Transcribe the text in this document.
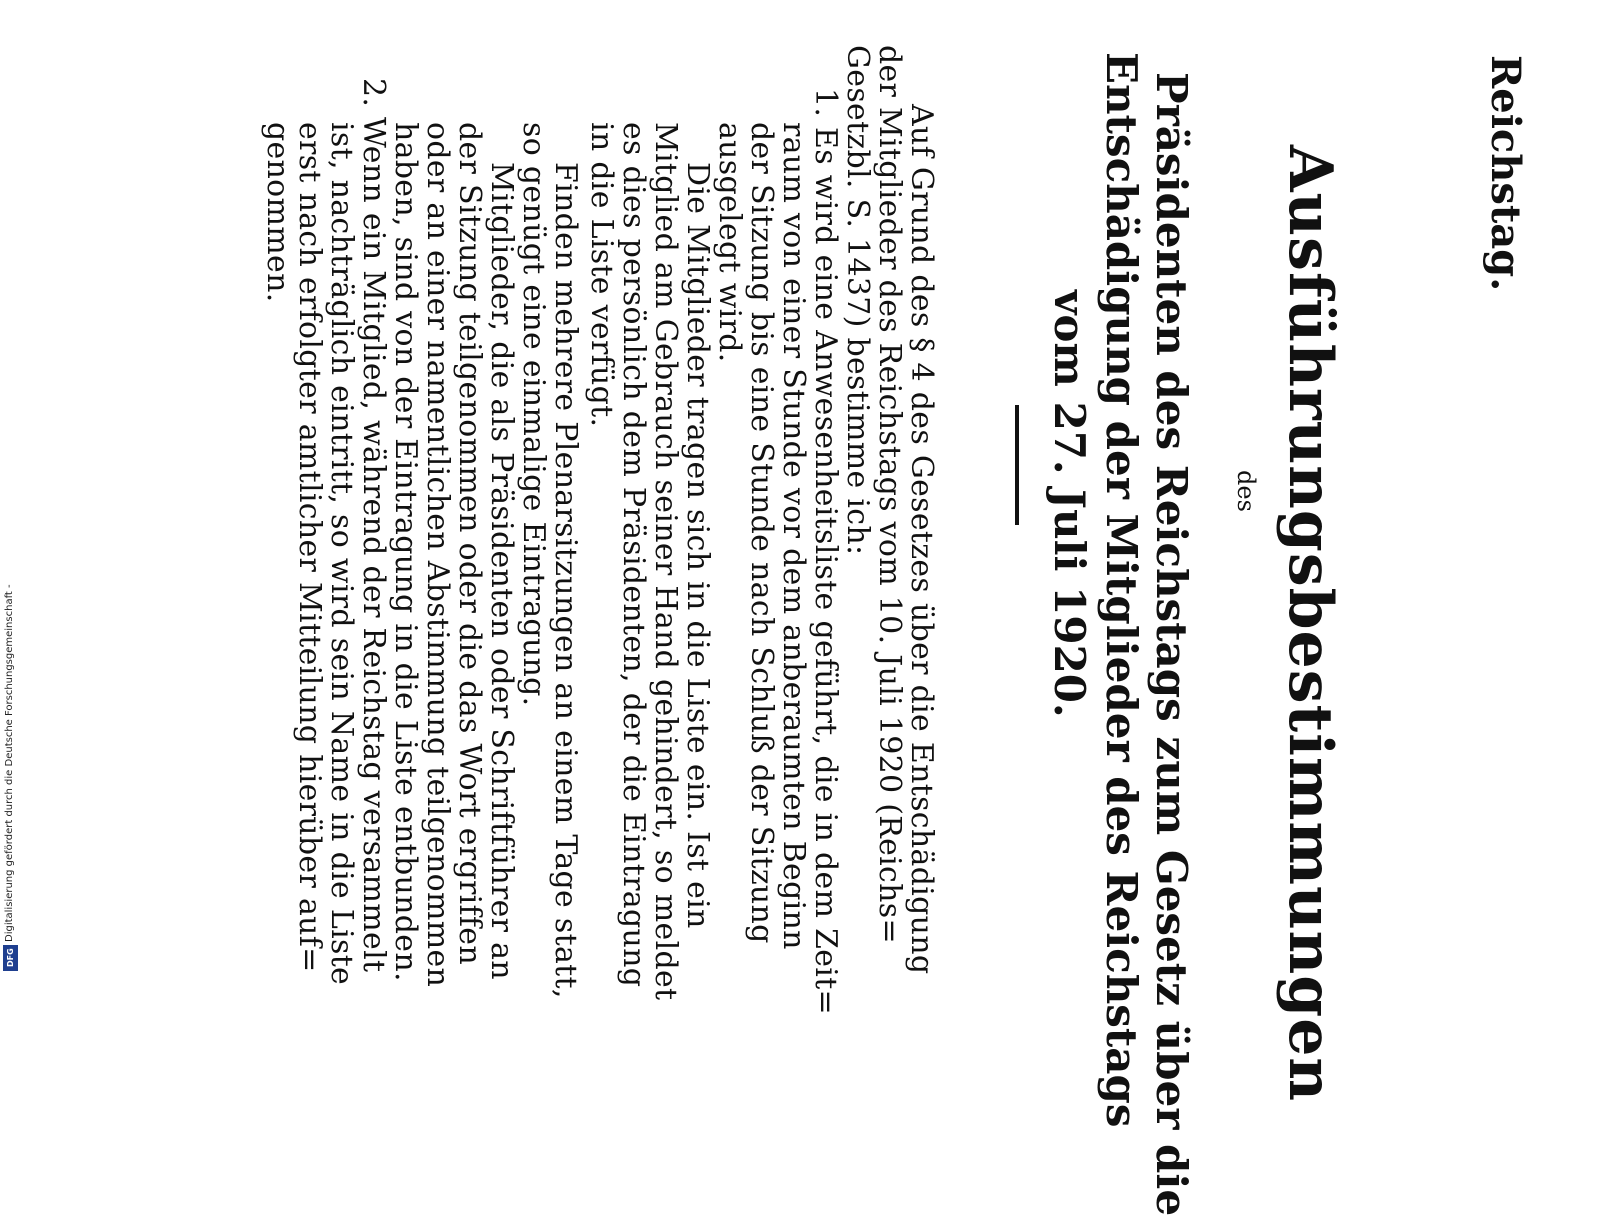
Reichstag.
Ausführungsbestimmungen
des
Präsidenten des Reichstags zum Gesetz über die
Entschädigung der Mitglieder des Reichstags
vom 27. Juli 1920.
Auf Grund des § 4 des Gesetzes über die Entschädigung
der Mitglieder des Reichstags vom 10. Juli 1920 (Reichs=
Gesetzbl. S. 1437) bestimme ich:
1. Es wird eine Anwesenheitsliste geführt, die in dem Zeit=
raum von einer Stunde vor dem anberaumten Beginn
der Sitzung bis eine Stunde nach Schluß der Sitzung
ausgelegt wird.
Die Mitglieder tragen sich in die Liste ein. Ist ein
Mitglied am Gebrauch seiner Hand gehindert, so meldet
es dies persönlich dem Präsidenten, der die Eintragung
in die Liste verfügt.
Finden mehrere Plenarsitzungen an einem Tage statt,
so genügt eine einmalige Eintragung.
Mitglieder, die als Präsidenten oder Schriftführer an
der Sitzung teilgenommen oder die das Wort ergriffen
oder an einer namentlichen Abstimmung teilgenommen
haben, sind von der Eintragung in die Liste entbunden.
2. Wenn ein Mitglied, während der Reichstag versammelt
ist, nachträglich eintritt, so wird sein Name in die Liste
erst nach erfolgter amtlicher Mitteilung hierüber auf=
genommen.
Digitalisierung gefördert durch die Deutsche Forschungsgemeinschaft -
DFG
